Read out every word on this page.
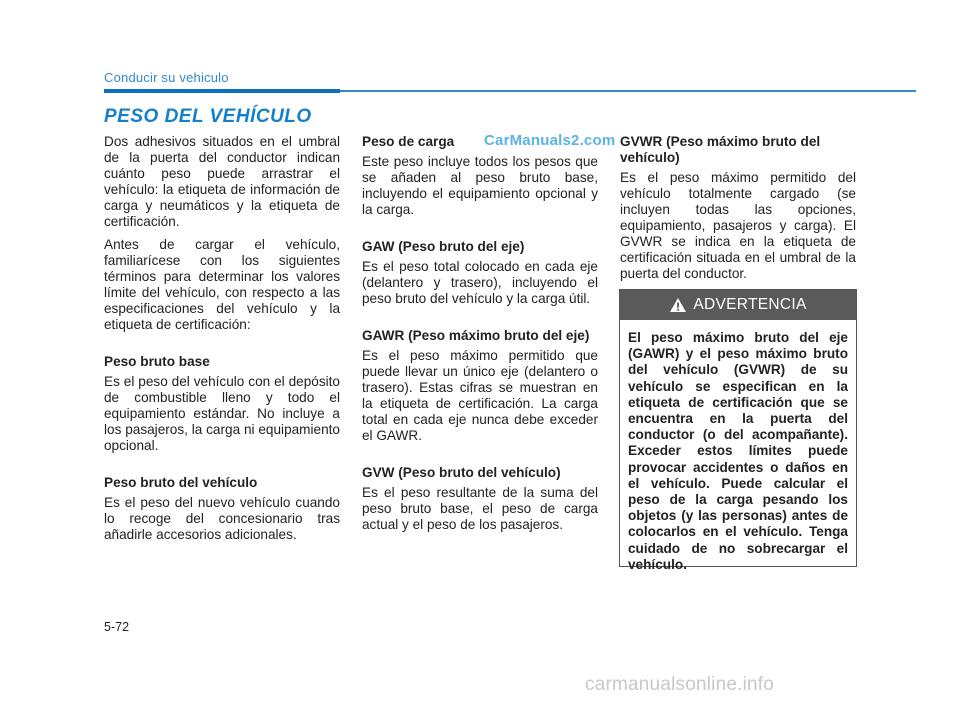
Conducir su vehiculo
PESO DEL VEHÍCULO
CarManuals2.com

Dos adhesivos situados en el umbral de la puerta del conductor indican cuánto peso puede arrastrar el vehículo: la etiqueta de información de carga y neumáticos y la etiqueta de certificación.

Antes de cargar el vehículo, familiarícese con los siguientes términos para determinar los valores límite del vehículo, con respecto a las especificaciones del vehículo y la etiqueta de certificación:

Peso bruto base

Es el peso del vehículo con el depósito de combustible lleno y todo el equipamiento estándar. No incluye a los pasajeros, la carga ni equipamiento opcional.

Peso bruto del vehículo

Es el peso del nuevo vehículo cuando lo recoge del concesionario tras añadirle accesorios adicionales.

Peso de carga

Este peso incluye todos los pesos que se añaden al peso bruto base, incluyendo el equipamiento opcional y la carga.

GAW (Peso bruto del eje)

Es el peso total colocado en cada eje (delantero y trasero), incluyendo el peso bruto del vehículo y la carga útil.

GAWR (Peso máximo bruto del eje)

Es el peso máximo permitido que puede llevar un único eje (delantero o trasero). Estas cifras se muestran en la etiqueta de certificación. La carga total en cada eje nunca debe exceder el GAWR.

GVW (Peso bruto del vehículo)

Es el peso resultante de la suma del peso bruto base, el peso de carga actual y el peso de los pasajeros.

GVWR (Peso máximo bruto del vehículo)

Es el peso máximo permitido del vehículo totalmente cargado (se incluyen todas las opciones, equipamiento, pasajeros y carga). El GVWR se indica en la etiqueta de certificación situada en el umbral de la puerta del conductor.

ADVERTENCIA
El peso máximo bruto del eje (GAWR) y el peso máximo bruto del vehículo (GVWR) de su vehículo se especifican en la etiqueta de certificación que se encuentra en la puerta del conductor (o del acompañante). Exceder estos límites puede provocar accidentes o daños en el vehículo. Puede calcular el peso de la carga pesando los objetos (y las personas) antes de colocarlos en el vehículo. Tenga cuidado de no sobrecargar el vehículo.
5-72
carmanualsonline.info
